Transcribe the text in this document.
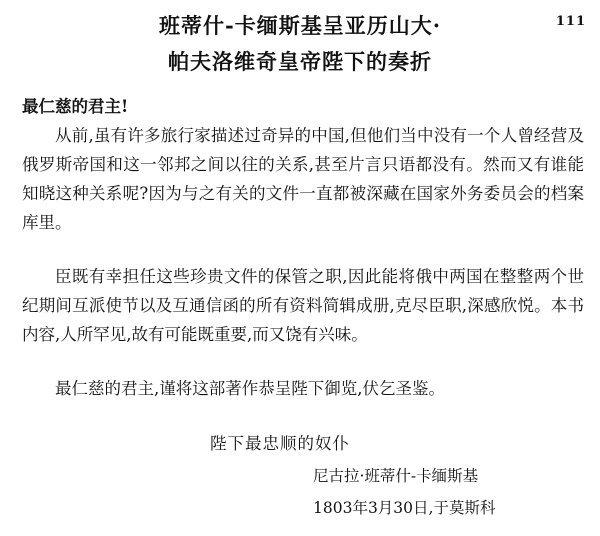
111
班蒂什-卡缅斯基呈亚历山大·
帕夫洛维奇皇帝陛下的奏折
最仁慈的君主!

从前,虽有许多旅行家描述过奇异的中国,但他们当中没有一个人曾经营及俄罗斯帝国和这一邻邦之间以往的关系,甚至片言只语都没有。然而又有谁能知晓这种关系呢?因为与之有关的文件一直都被深藏在国家外务委员会的档案库里。

臣既有幸担任这些珍贵文件的保管之职,因此能将俄中两国在整整两个世纪期间互派使节以及互通信函的所有资料简辑成册,克尽臣职,深感欣悦。本书内容,人所罕见,故有可能既重要,而又饶有兴味。

最仁慈的君主,谨将这部著作恭呈陛下御览,伏乞圣鉴。

陛下最忠顺的奴仆
尼古拉·班蒂什-卡缅斯基
1803年3月30日,于莫斯科
